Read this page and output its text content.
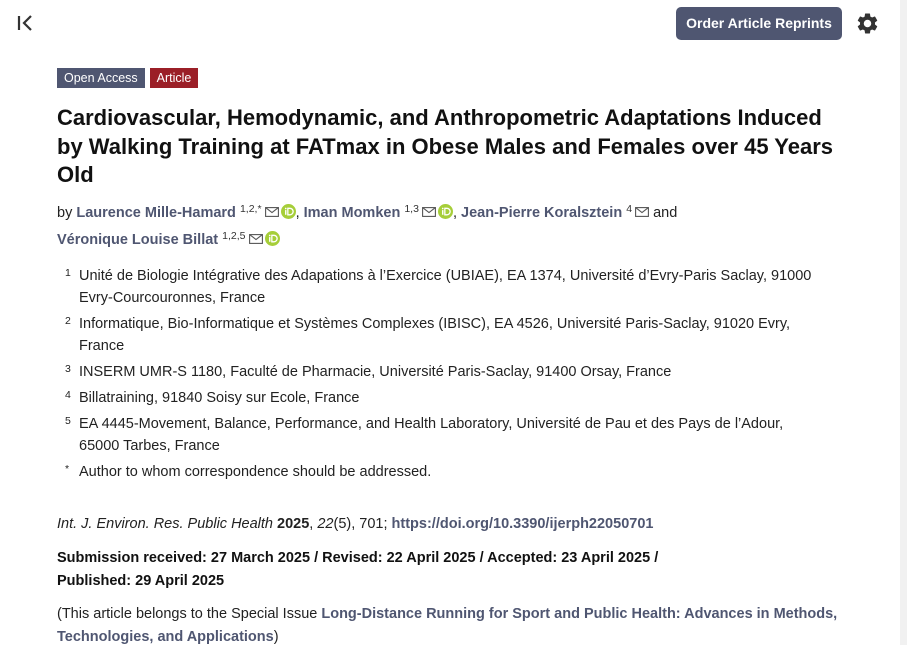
Order Article Reprints
Open Access	Article
Cardiovascular, Hemodynamic, and Anthropometric Adaptations Induced by Walking Training at FATmax in Obese Males and Females over 45 Years Old
by Laurence Mille-Hamard $^{1,2,*}$ , Iman Momken $^{1,3}$ , Jean-Pierre Koralsztein $^4$ and
Véronique Louise Billat $^{1,2,5}$
1 Unité de Biologie Intégrative des Adapations à l’Exercice (UBIAE), EA 1374, Université d’Evry-Paris Saclay, 91000 Evry-Courcouronnes, France
2 Informatique, Bio-Informatique et Systèmes Complexes (IBISC), EA 4526, Université Paris-Saclay, 91020 Evry, France
3 INSERM UMR-S 1180, Faculté de Pharmacie, Université Paris-Saclay, 91400 Orsay, France
4 Billatraining, 91840 Soisy sur Ecole, France
5 EA 4445-Movement, Balance, Performance, and Health Laboratory, Université de Pau et des Pays de l’Adour, 65000 Tarbes, France
* Author to whom correspondence should be addressed.
Int. J. Environ. Res. Public Health 2025, 22(5), 701; https://doi.org/10.3390/ijerph22050701
Submission received: 27 March 2025 / Revised: 22 April 2025 / Accepted: 23 April 2025 /
Published: 29 April 2025
(This article belongs to the Special Issue Long-Distance Running for Sport and Public Health: Advances in Methods, Technologies, and Applications)
